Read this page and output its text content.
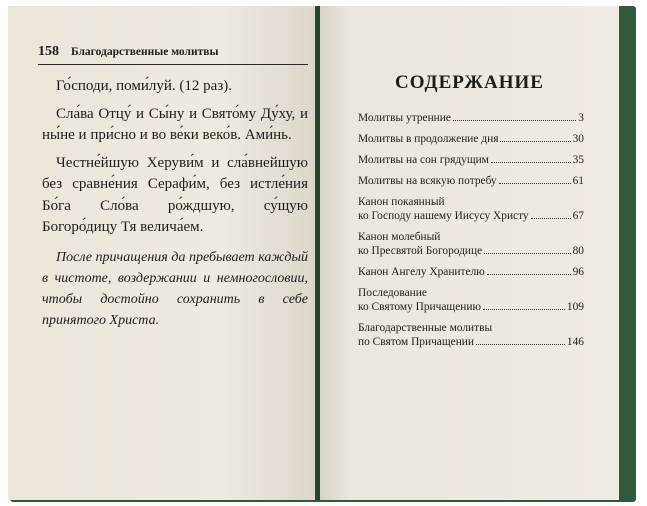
158 Благодарственные молитвы

Го́споди, поми́луй. (12 раз).

Сла́ва Отцу́ и Сы́ну и Свято́му Ду́ху, и ны́не и при́сно и во ве́ки веко́в. Ами́нь.

Честне́йшую Херуви́м и сла́внейшую без сравне́ния Серафи́м, без истле́ния Бо́га Сло́ва ро́ждшую, су́щую Богоро́дицу Тя велича́ем.

После причащения да пребывает каждый в чистоте, воздержании и немногословии, чтобы достойно сохранить в себе принятого Христа.

СОДЕРЖАНИЕ
Молитвы утренние	3
Молитвы в продолжение дня	30
Молитвы на сон грядущим	35
Молитвы на всякую потребу	61
Канон покаянный
ко Господу нашему Иисусу Христу	67
Канон молебный
ко Пресвятой Богородице	80
Канон Ангелу Хранителю	96
Последование
ко Святому Причащению	109
Благодарственные молитвы
по Святом Причащении	146
